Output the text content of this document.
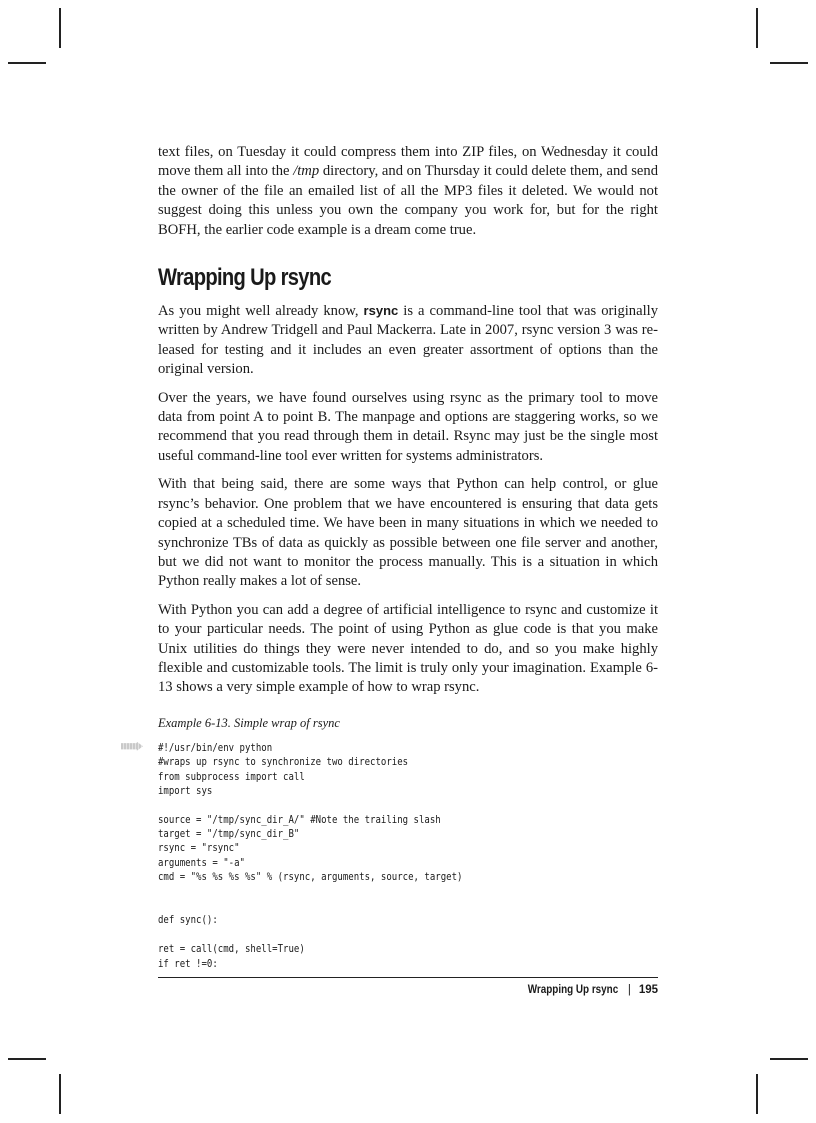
text files, on Tuesday it could compress them into ZIP files, on Wednesday it could move them all into the /tmp directory, and on Thursday it could delete them, and send the owner of the file an emailed list of all the MP3 files it deleted. We would not suggest doing this unless you own the company you work for, but for the right BOFH, the earlier code example is a dream come true.

Wrapping Up rsync

As you might well already know, rsync is a command-line tool that was originally written by Andrew Tridgell and Paul Mackerra. Late in 2007, rsync version 3 was released for testing and it includes an even greater assortment of options than the original version.

Over the years, we have found ourselves using rsync as the primary tool to move data from point A to point B. The manpage and options are staggering works, so we recommend that you read through them in detail. Rsync may just be the single most useful command-line tool ever written for systems administrators.

With that being said, there are some ways that Python can help control, or glue rsync’s behavior. One problem that we have encountered is ensuring that data gets copied at a scheduled time. We have been in many situations in which we needed to synchronize TBs of data as quickly as possible between one file server and another, but we did not want to monitor the process manually. This is a situation in which Python really makes a lot of sense.

With Python you can add a degree of artificial intelligence to rsync and customize it to your particular needs. The point of using Python as glue code is that you make Unix utilities do things they were never intended to do, and so you make highly flexible and customizable tools. The limit is truly only your imagination. Example 6-13 shows a very simple example of how to wrap rsync.

Example 6-13. Simple wrap of rsync
#!/usr/bin/env python
#wraps up rsync to synchronize two directories
from subprocess import call
import sys
source = "/tmp/sync_dir_A/" #Note the trailing slash
target = "/tmp/sync_dir_B"
rsync = "rsync"
arguments = "-a"
cmd = "%s %s %s %s" % (rsync, arguments, source, target)
def sync():
ret = call(cmd, shell=True)
if ret !=0:
Wrapping Up rsync | 195
